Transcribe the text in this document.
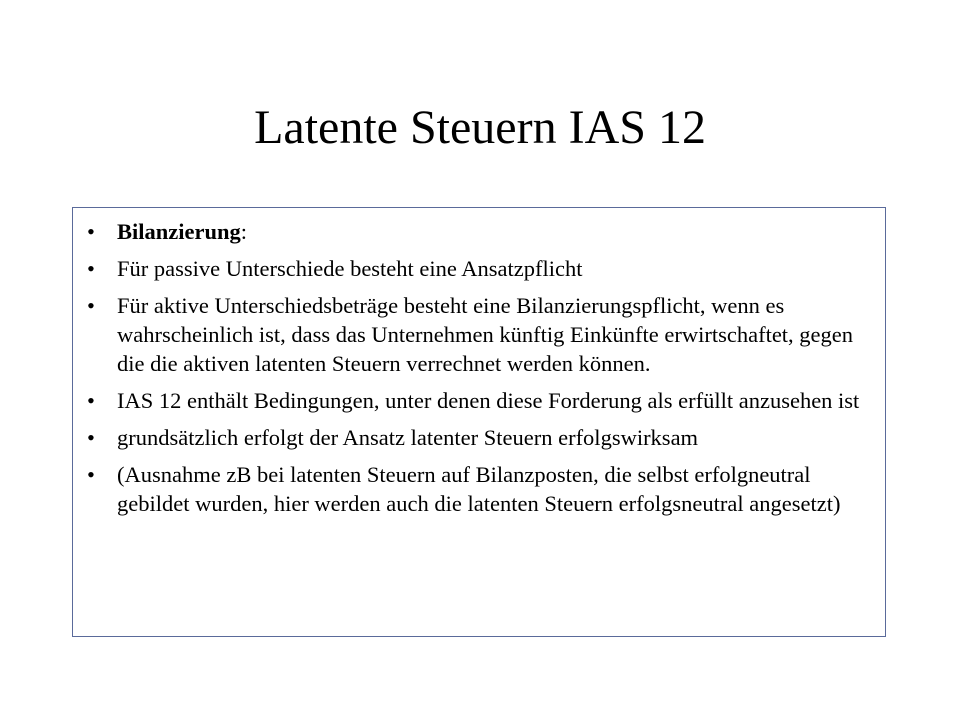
Latente Steuern IAS 12
• Bilanzierung:
• Für passive Unterschiede besteht eine Ansatzpflicht
• Für aktive Unterschiedsbeträge besteht eine Bilanzierungspflicht, wenn es wahrscheinlich ist, dass das Unternehmen künftig Einkünfte erwirtschaftet, gegen die die aktiven latenten Steuern verrechnet werden können.
• IAS 12 enthält Bedingungen, unter denen diese Forderung als erfüllt anzusehen ist
• grundsätzlich erfolgt der Ansatz latenter Steuern erfolgswirksam
• (Ausnahme zB bei latenten Steuern auf Bilanzposten, die selbst erfolgneutral gebildet wurden, hier werden auch die latenten Steuern erfolgsneutral angesetzt)
